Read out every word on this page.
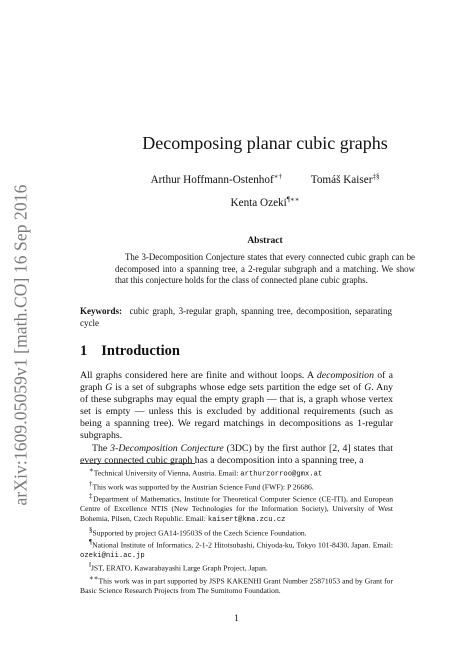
arXiv:1609.05059v1 [math.CO] 16 Sep 2016
Decomposing planar cubic graphs
Arthur Hoffmann-Ostenhof∗†	Tomáš Kaiser‡§
Kenta Ozeki¶∗∗
Abstract

The 3-Decomposition Conjecture states that every connected cubic graph can be decomposed into a spanning tree, a 2-regular subgraph and a matching. We show that this conjecture holds for the class of connected plane cubic graphs.

Keywords: cubic graph, 3-regular graph, spanning tree, decomposition, separating cycle

1 Introduction

All graphs considered here are finite and without loops. A decomposition of a graph G is a set of subgraphs whose edge sets partition the edge set of G. Any of these subgraphs may equal the empty graph — that is, a graph whose vertex set is empty — unless this is excluded by additional requirements (such as being a spanning tree). We regard matchings in decompositions as 1-regular subgraphs.

The 3-Decomposition Conjecture (3DC) by the first author [2, 4] states that every connected cubic graph has a decomposition into a spanning tree, a

∗Technical University of Vienna, Austria. Email: arthurzorroo@gmx.at
†This work was supported by the Austrian Science Fund (FWF): P 26686.
‡Department of Mathematics, Institute for Theoretical Computer Science (CE-ITI), and European Centre of Excellence NTIS (New Technologies for the Information Society), University of West Bohemia, Pilsen, Czech Republic. Email: kaisert@kma.zcu.cz
§Supported by project GA14-19503S of the Czech Science Foundation.
¶National Institute of Informatics, 2-1-2 Hitotsubashi, Chiyoda-ku, Tokyo 101-8430, Japan. Email: ozeki@nii.ac.jp
‖JST, ERATO, Kawarabayashi Large Graph Project, Japan.
∗∗This work was in part supported by JSPS KAKENHI Grant Number 25871053 and by Grant for Basic Science Research Projects from The Sumitomo Foundation.
1
